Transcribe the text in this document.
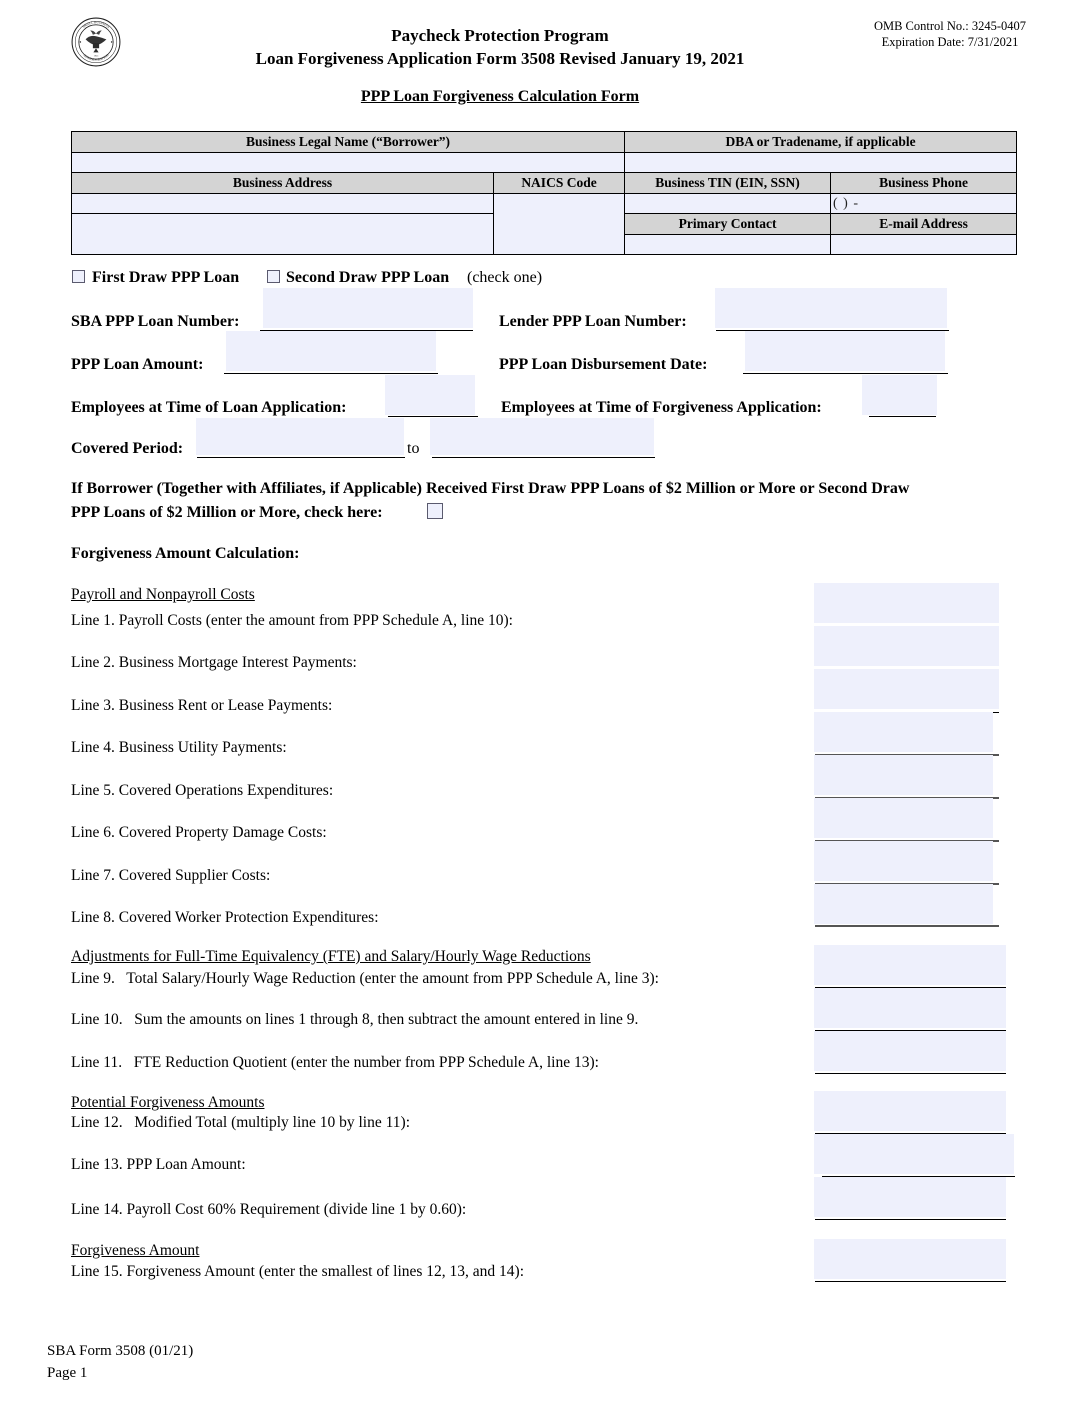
SMALL BUSINESS
ADMINISTRATION
1953
Paycheck Protection Program
Loan Forgiveness Application Form 3508 Revised January 19, 2021
OMB Control No.: 3245-0407
Expiration Date: 7/31/2021
PPP Loan Forgiveness Calculation Form
Business Legal Name (“Borrower”)		DBA or Tradename, if applicable	

Business Address	NAICS Code	Business TIN (EIN, SSN)	Business Phone
			( ) -
		Primary Contact	E-mail Address

First Draw PPP Loan	Second Draw PPP Loan (check one)
SBA PPP Loan Number:	Lender PPP Loan Number:
PPP Loan Amount:	PPP Loan Disbursement Date:
Employees at Time of Loan Application:	Employees at Time of Forgiveness Application:
Covered Period:	to
If Borrower (Together with Affiliates, if Applicable) Received First Draw PPP Loans of $2 Million or More or Second Draw
PPP Loans of $2 Million or More, check here:
Forgiveness Amount Calculation:
Payroll and Nonpayroll Costs
Line 1. Payroll Costs (enter the amount from PPP Schedule A, line 10):
Line 2. Business Mortgage Interest Payments:
Line 3. Business Rent or Lease Payments:
Line 4. Business Utility Payments:
Line 5. Covered Operations Expenditures:
Line 6. Covered Property Damage Costs:
Line 7. Covered Supplier Costs:
Line 8. Covered Worker Protection Expenditures:
Adjustments for Full-Time Equivalency (FTE) and Salary/Hourly Wage Reductions
Line 9.   Total Salary/Hourly Wage Reduction (enter the amount from PPP Schedule A, line 3):
Line 10.   Sum the amounts on lines 1 through 8, then subtract the amount entered in line 9.
Line 11.   FTE Reduction Quotient (enter the number from PPP Schedule A, line 13):
Potential Forgiveness Amounts
Line 12.   Modified Total (multiply line 10 by line 11):
Line 13. PPP Loan Amount:
Line 14. Payroll Cost 60% Requirement (divide line 1 by 0.60):
Forgiveness Amount
Line 15. Forgiveness Amount (enter the smallest of lines 12, 13, and 14):
SBA Form 3508 (01/21)
Page 1
